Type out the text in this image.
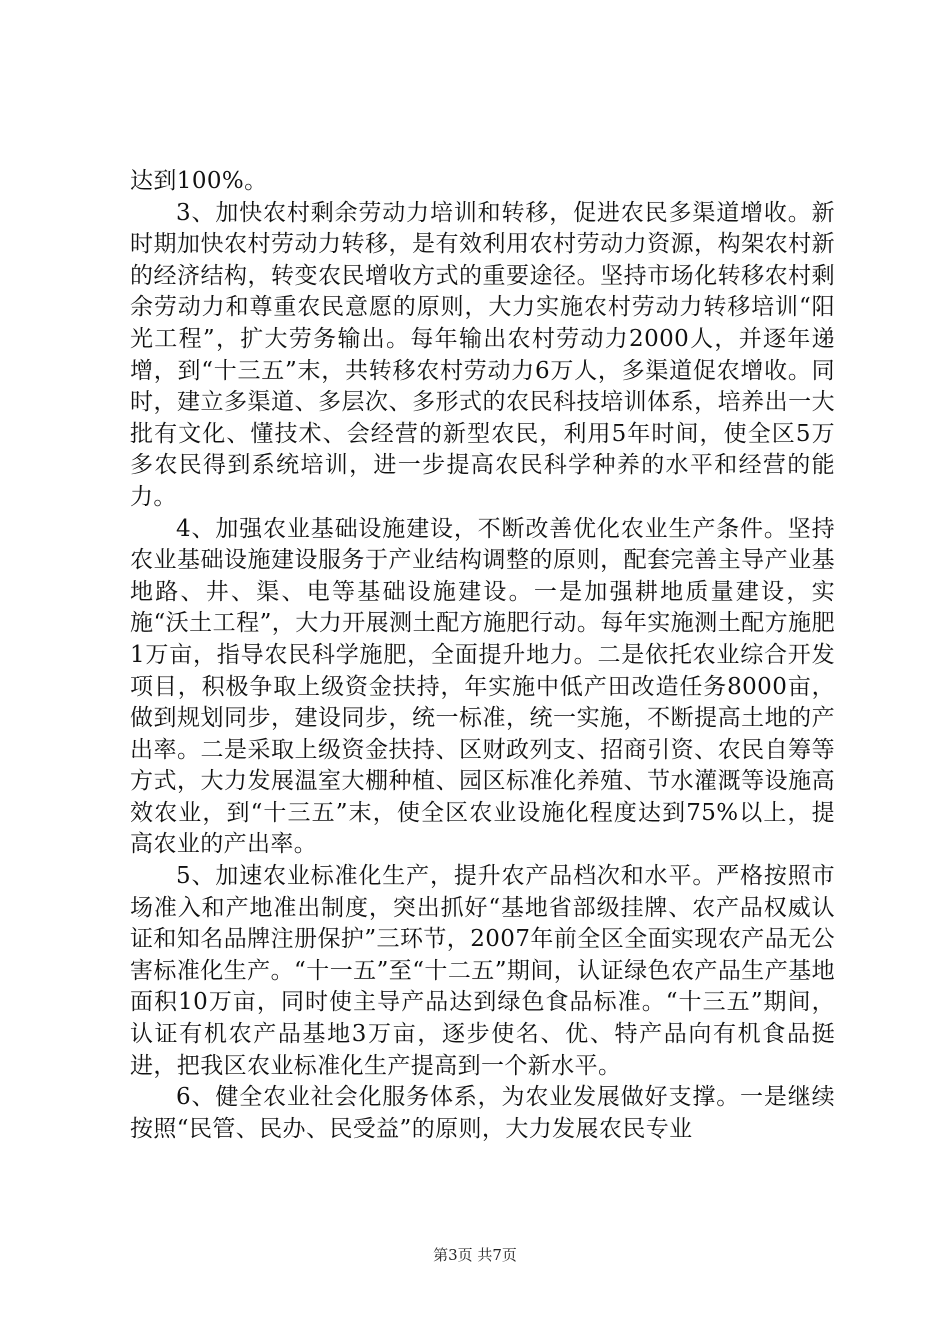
达到100%。

3、加快农村剩余劳动力培训和转移，促进农民多渠道增收。新时期加快农村劳动力转移，是有效利用农村劳动力资源，构架农村新的经济结构，转变农民增收方式的重要途径。坚持市场化转移农村剩余劳动力和尊重农民意愿的原则，大力实施农村劳动力转移培训“阳光工程”，扩大劳务输出。每年输出农村劳动力2000人，并逐年递增，到“十三五”末，共转移农村劳动力6万人，多渠道促农增收。同时，建立多渠道、多层次、多形式的农民科技培训体系，培养出一大批有文化、懂技术、会经营的新型农民，利用5年时间，使全区5万多农民得到系统培训，进一步提高农民科学种养的水平和经营的能力。

4、加强农业基础设施建设，不断改善优化农业生产条件。坚持农业基础设施建设服务于产业结构调整的原则，配套完善主导产业基地路、井、渠、电等基础设施建设。一是加强耕地质量建设，实施“沃土工程”，大力开展测土配方施肥行动。每年实施测土配方施肥1万亩，指导农民科学施肥，全面提升地力。二是依托农业综合开发项目，积极争取上级资金扶持，年实施中低产田改造任务8000亩，做到规划同步，建设同步，统一标准，统一实施，不断提高土地的产出率。二是采取上级资金扶持、区财政列支、招商引资、农民自筹等方式，大力发展温室大棚种植、园区标准化养殖、节水灌溉等设施高效农业，到“十三五”末，使全区农业设施化程度达到75%以上，提高农业的产出率。

5、加速农业标准化生产，提升农产品档次和水平。严格按照市场准入和产地准出制度，突出抓好“基地省部级挂牌、农产品权威认证和知名品牌注册保护”三环节，2007年前全区全面实现农产品无公害标准化生产。“十一五”至“十二五”期间，认证绿色农产品生产基地面积10万亩，同时使主导产品达到绿色食品标准。“十三五”期间，认证有机农产品基地3万亩，逐步使名、优、特产品向有机食品挺进，把我区农业标准化生产提高到一个新水平。

6、健全农业社会化服务体系，为农业发展做好支撑。一是继续按照“民管、民办、民受益”的原则，大力发展农民专业

第3页 共7页
